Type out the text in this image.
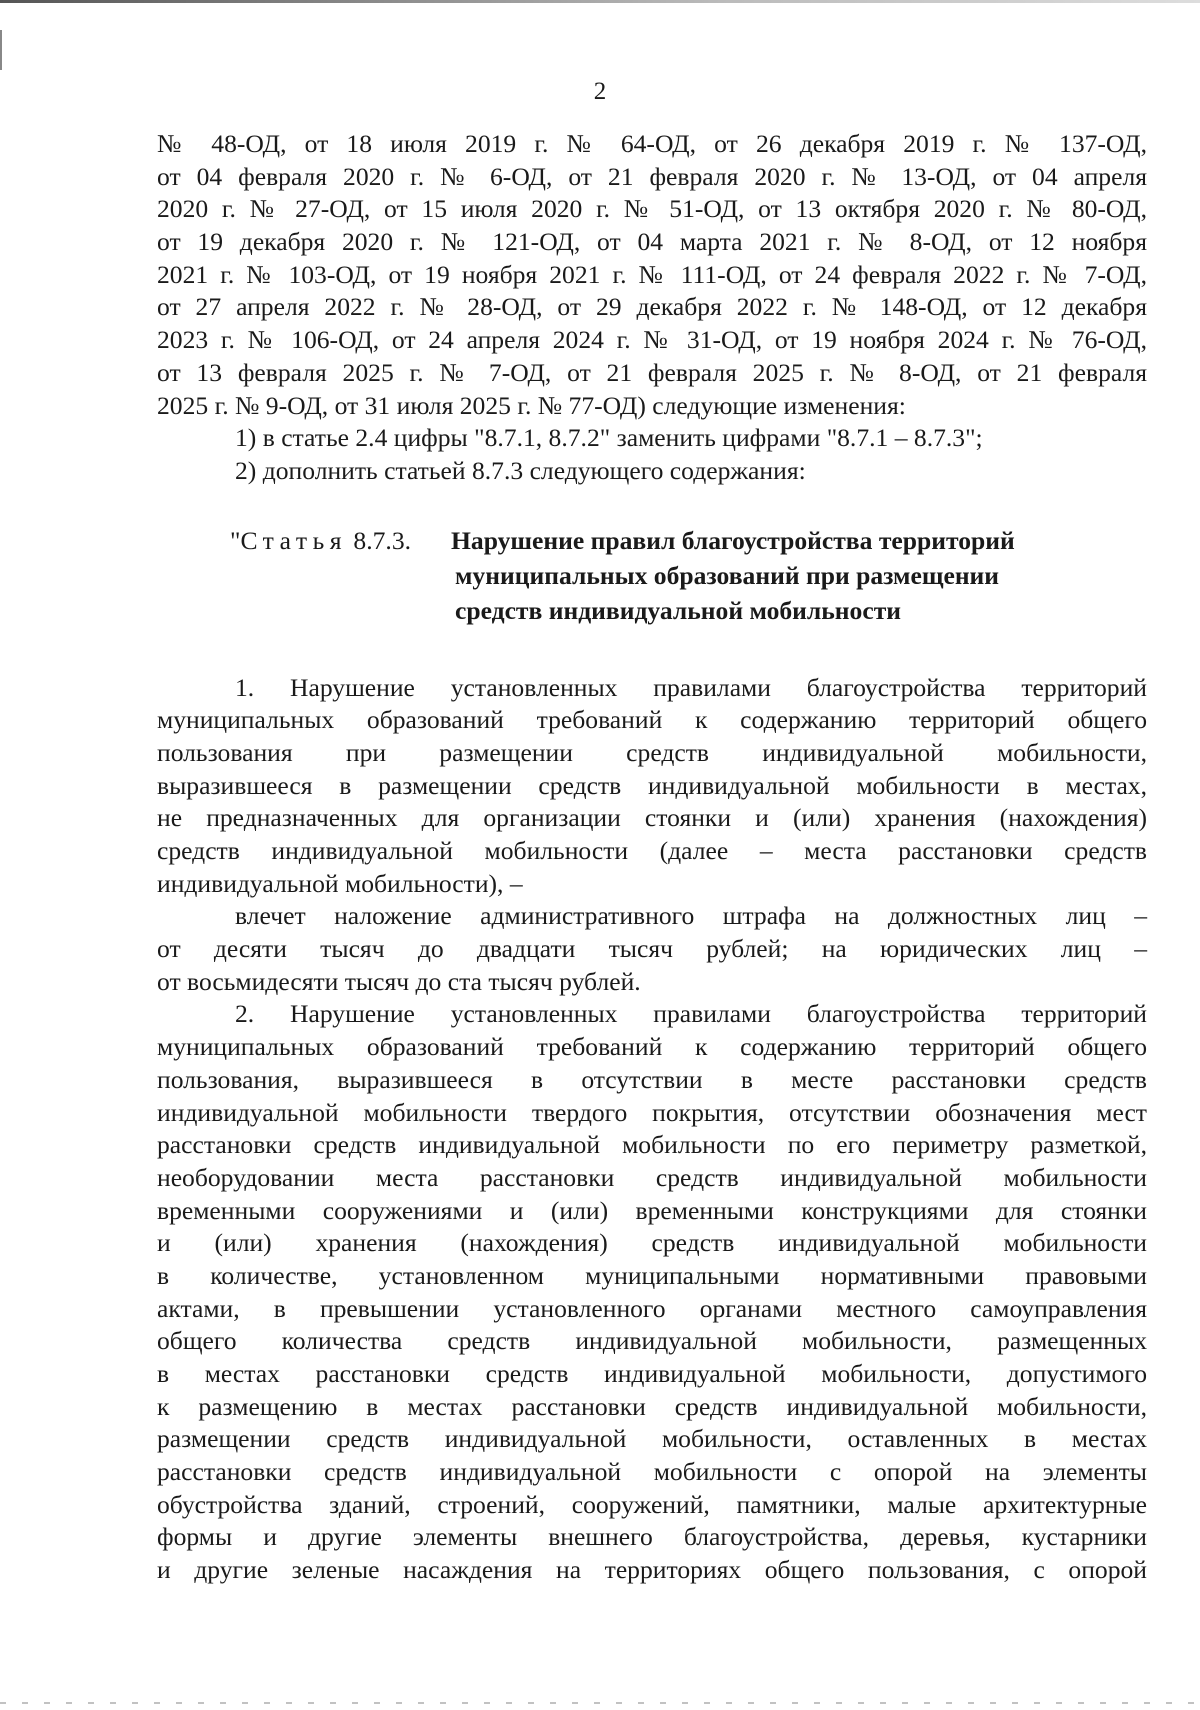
2

№ 48-ОД, от 18 июля 2019 г. № 64-ОД, от 26 декабря 2019 г. № 137-ОД,

от 04 февраля 2020 г. № 6-ОД, от 21 февраля 2020 г. № 13-ОД, от 04 апреля

2020 г. № 27-ОД, от 15 июля 2020 г. № 51-ОД, от 13 октября 2020 г. № 80-ОД,

от 19 декабря 2020 г. № 121-ОД, от 04 марта 2021 г. № 8-ОД, от 12 ноября

2021 г. № 103-ОД, от 19 ноября 2021 г. № 111-ОД, от 24 февраля 2022 г. № 7-ОД,

от 27 апреля 2022 г. № 28-ОД, от 29 декабря 2022 г. № 148-ОД, от 12 декабря

2023 г. № 106-ОД, от 24 апреля 2024 г. № 31-ОД, от 19 ноября 2024 г. № 76-ОД,

от 13 февраля 2025 г. № 7-ОД, от 21 февраля 2025 г. № 8-ОД, от 21 февраля

2025 г. № 9-ОД, от 31 июля 2025 г. № 77-ОД) следующие изменения:

1) в статье 2.4 цифры "8.7.1, 8.7.2" заменить цифрами "8.7.1 – 8.7.3";

2) дополнить статьей 8.7.3 следующего содержания:

"Статья 8.7.3. Нарушение правил благоустройства территорий
муниципальных образований при размещении
средств индивидуальной мобильности

1. Нарушение установленных правилами благоустройства территорий

муниципальных образований требований к содержанию территорий общего

пользования при размещении средств индивидуальной мобильности,

выразившееся в размещении средств индивидуальной мобильности в местах,

не предназначенных для организации стоянки и (или) хранения (нахождения)

средств индивидуальной мобильности (далее – места расстановки средств

индивидуальной мобильности), –

влечет наложение административного штрафа на должностных лиц –

от десяти тысяч до двадцати тысяч рублей; на юридических лиц –

от восьмидесяти тысяч до ста тысяч рублей.

2. Нарушение установленных правилами благоустройства территорий

муниципальных образований требований к содержанию территорий общего

пользования, выразившееся в отсутствии в месте расстановки средств

индивидуальной мобильности твердого покрытия, отсутствии обозначения мест

расстановки средств индивидуальной мобильности по его периметру разметкой,

необорудовании места расстановки средств индивидуальной мобильности

временными сооружениями и (или) временными конструкциями для стоянки

и (или) хранения (нахождения) средств индивидуальной мобильности

в количестве, установленном муниципальными нормативными правовыми

актами, в превышении установленного органами местного самоуправления

общего количества средств индивидуальной мобильности, размещенных

в местах расстановки средств индивидуальной мобильности, допустимого

к размещению в местах расстановки средств индивидуальной мобильности,

размещении средств индивидуальной мобильности, оставленных в местах

расстановки средств индивидуальной мобильности с опорой на элементы

обустройства зданий, строений, сооружений, памятники, малые архитектурные

формы и другие элементы внешнего благоустройства, деревья, кустарники

и другие зеленые насаждения на территориях общего пользования, с опорой
